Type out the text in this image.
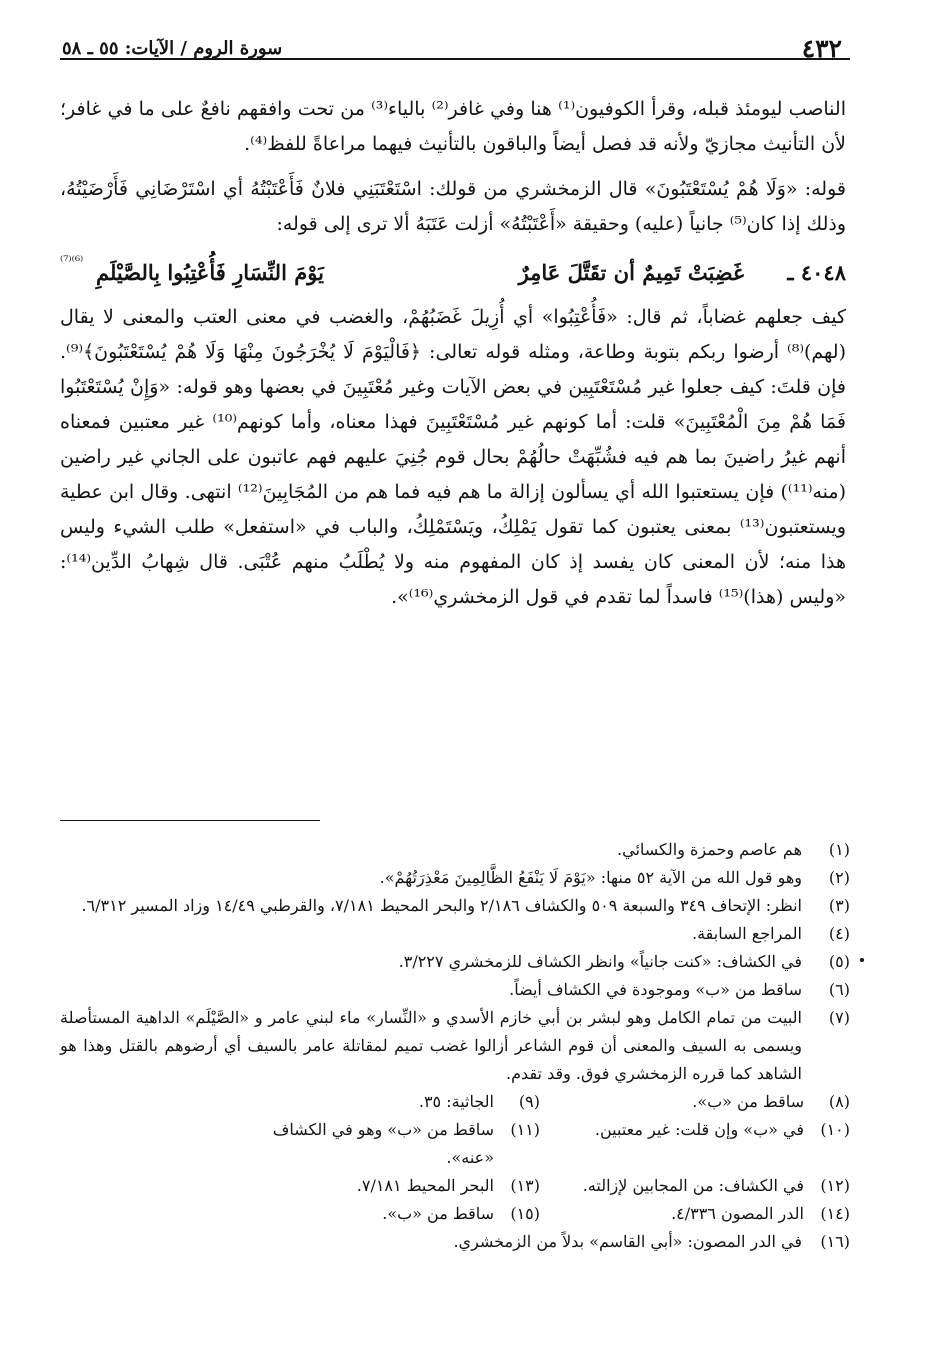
٤٣٢
سورة الروم / الآيات: ٥٥ ـ ٥٨

الناصب ليومئذ قبله، وقرأ الكوفيون⁽¹⁾ هنا وفي غافر⁽²⁾ بالياء⁽³⁾ من تحت وافقهم نافعٌ على ما في غافر؛ لأن التأنيث مجازيّ ولأنه قد فصل أيضاً والباقون بالتأنيث فيهما مراعاةً للفظ⁽⁴⁾.

قوله: «وَلَا هُمْ يُسْتَعْتَبُونَ» قال الزمخشري من قولك: اسْتَعْتَبَنِي فلانٌ فَأَعْتَبْتُهُ أي اسْتَرْضَانِي فَأَرْضَيْتُهُ، وذلك إذا كان⁽⁵⁾ جانياً (عليه) وحقيقة «أَعْتَبْتُهُ» أزلت عَتَبَهُ ألا ترى إلى قوله:

٤٠٤٨ ـ
غَضِبَتْ تَمِيمٌ أن تقَتَّلَ عَامِرٌ
يَوْمَ النِّسَارِ فَأُعْتِبُوا بِالصَّيْلَمِ
⁽⁶⁾⁽⁷⁾

كيف جعلهم غضاباً، ثم قال: «فَأُعْتِبُوا» أي أُزِيلَ غَضَبُهُمْ، والغضب في معنى العتب والمعنى لا يقال (لهم)⁽⁸⁾ أرضوا ربكم بتوبة وطاعة، ومثله قوله تعالى: ﴿فَالْيَوْمَ لَا يُخْرَجُونَ مِنْهَا وَلَا هُمْ يُسْتَعْتَبُونَ﴾⁽⁹⁾. فإن قلتَ: كيف جعلوا غير مُسْتَعْتَبِين في بعض الآيات وغير مُعْتَبِينَ في بعضها وهو قوله: «وَإِنْ يُسْتَعْتَبُوا فَمَا هُمْ مِنَ الْمُعْتَبِينَ» قلت: أما كونهم غير مُسْتَعْتَبِينَ فهذا معناه، وأما كونهم⁽¹⁰⁾ غير معتبين فمعناه أنهم غيرُ راضينَ بما هم فيه فشُبِّهَتْ حالُهُمْ بحال قوم جُنِيَ عليهم فهم عاتبون على الجاني غير راضين (منه⁽¹¹⁾) فإن يستعتبوا الله أي يسألون إزالة ما هم فيه فما هم من المُجَابِينَ⁽¹²⁾ انتهى. وقال ابن عطية ويستعتبون⁽¹³⁾ بمعنى يعتبون كما تقول يَمْلِكُ، ويَسْتَمْلِكُ، والباب في «استفعل» طلب الشيء وليس هذا منه؛ لأن المعنى كان يفسد إذ كان المفهوم منه ولا يُطْلَبُ منهم عُتْبَى. قال شِهابُ الدِّين⁽¹⁴⁾: «وليس (هذا)⁽¹⁵⁾ فاسداً لما تقدم في قول الزمخشري⁽¹⁶⁾».

(١)
هم عاصم وحمزة والكسائي.
(٢)
وهو قول الله من الآية ٥٢ منها: «يَوْمَ لَا يَنْفَعُ الظَّالِمِينَ مَعْذِرَتُهُمْ».
(٣)
انظر: الإتحاف ٣٤٩ والسبعة ٥٠٩ والكشاف ٢/١٨٦ والبحر المحيط ٧/١٨١، والقرطبي ١٤/٤٩ وزاد المسير ٦/٣١٢.
(٤)
المراجع السابقة.
(٥)
في الكشاف: «كنت جانياً» وانظر الكشاف للزمخشري ٣/٢٢٧.
(٦)
ساقط من «ب» وموجودة في الكشاف أيضاً.
(٧)
البيت من تمام الكامل وهو لبشر بن أبي خازم الأسدي و «النِّسار» ماء لبني عامر و «الصَّيْلَم» الداهية المستأصلة ويسمى به السيف والمعنى أن قوم الشاعر أزالوا غضب تميم لمقاتلة عامر بالسيف أي أرضوهم بالقتل وهذا هو الشاهد كما قرره الزمخشري فوق. وقد تقدم.
(٨)
ساقط من «ب».
(٩)
الجاثية: ٣٥.
(١٠)
في «ب» وإن قلت: غير معتبين.
(١١)
ساقط من «ب» وهو في الكشاف «عنه».
(١٢)
في الكشاف: من المجابين لإزالته.
(١٣)
البحر المحيط ٧/١٨١.
(١٤)
الدر المصون ٤/٣٣٦.
(١٥)
ساقط من «ب».
(١٦)
في الدر المصون: «أبي القاسم» بدلاً من الزمخشري.
